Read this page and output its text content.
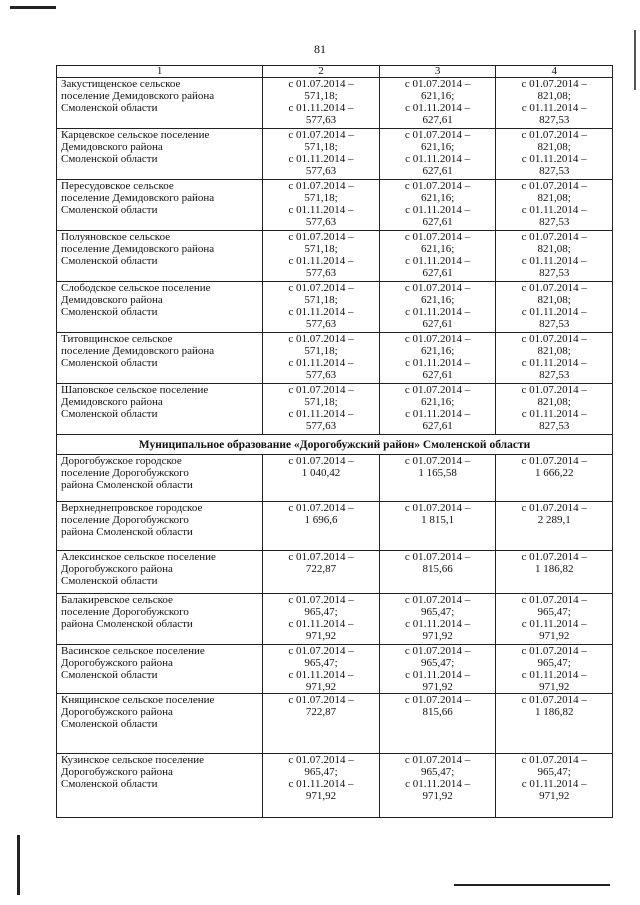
81
1	2	3	4

Закустищенское сельское
поселение Демидовского района
Смоленской области	с 01.07.2014 –
571,18;
с 01.11.2014 –
577,63	с 01.07.2014 –
621,16;
с 01.11.2014 –
627,61	с 01.07.2014 –
821,08;
с 01.11.2014 –
827,53

Карцевское сельское поселение
Демидовского района
Смоленской области	с 01.07.2014 –
571,18;
с 01.11.2014 –
577,63	с 01.07.2014 –
621,16;
с 01.11.2014 –
627,61	с 01.07.2014 –
821,08;
с 01.11.2014 –
827,53

Пересудовское сельское
поселение Демидовского района
Смоленской области	с 01.07.2014 –
571,18;
с 01.11.2014 –
577,63	с 01.07.2014 –
621,16;
с 01.11.2014 –
627,61	с 01.07.2014 –
821,08;
с 01.11.2014 –
827,53

Полуяновское сельское
поселение Демидовского района
Смоленской области	с 01.07.2014 –
571,18;
с 01.11.2014 –
577,63	с 01.07.2014 –
621,16;
с 01.11.2014 –
627,61	с 01.07.2014 –
821,08;
с 01.11.2014 –
827,53

Слободское сельское поселение
Демидовского района
Смоленской области	с 01.07.2014 –
571,18;
с 01.11.2014 –
577,63	с 01.07.2014 –
621,16;
с 01.11.2014 –
627,61	с 01.07.2014 –
821,08;
с 01.11.2014 –
827,53

Титовщинское сельское
поселение Демидовского района
Смоленской области	с 01.07.2014 –
571,18;
с 01.11.2014 –
577,63	с 01.07.2014 –
621,16;
с 01.11.2014 –
627,61	с 01.07.2014 –
821,08;
с 01.11.2014 –
827,53

Шаповское сельское поселение
Демидовского района
Смоленской области	с 01.07.2014 –
571,18;
с 01.11.2014 –
577,63	с 01.07.2014 –
621,16;
с 01.11.2014 –
627,61	с 01.07.2014 –
821,08;
с 01.11.2014 –
827,53

Муниципальное образование «Дорогобужский район» Смоленской области			

Дорогобужское городское
поселение Дорогобужского
района Смоленской области	с 01.07.2014 –
1 040,42	с 01.07.2014 –
1 165,58	с 01.07.2014 –
1 666,22

Верхнеднепровское городское
поселение Дорогобужского
района Смоленской области	с 01.07.2014 –
1 696,6	с 01.07.2014 –
1 815,1	с 01.07.2014 –
2 289,1

Алексинское сельское поселение
Дорогобужского района
Смоленской области	с 01.07.2014 –
722,87	с 01.07.2014 –
815,66	с 01.07.2014 –
1 186,82

Балакиревское сельское
поселение Дорогобужского
района Смоленской области	с 01.07.2014 –
965,47;
с 01.11.2014 –
971,92	с 01.07.2014 –
965,47;
с 01.11.2014 –
971,92	с 01.07.2014 –
965,47;
с 01.11.2014 –
971,92

Васинское сельское поселение
Дорогобужского района
Смоленской области	с 01.07.2014 –
965,47;
с 01.11.2014 –
971,92	с 01.07.2014 –
965,47;
с 01.11.2014 –
971,92	с 01.07.2014 –
965,47;
с 01.11.2014 –
971,92

Княщинское сельское поселение
Дорогобужского района
Смоленской области	с 01.07.2014 –
722,87	с 01.07.2014 –
815,66	с 01.07.2014 –
1 186,82

Кузинское сельское поселение
Дорогобужского района
Смоленской области	с 01.07.2014 –
965,47;
с 01.11.2014 –
971,92	с 01.07.2014 –
965,47;
с 01.11.2014 –
971,92	с 01.07.2014 –
965,47;
с 01.11.2014 –
971,92
